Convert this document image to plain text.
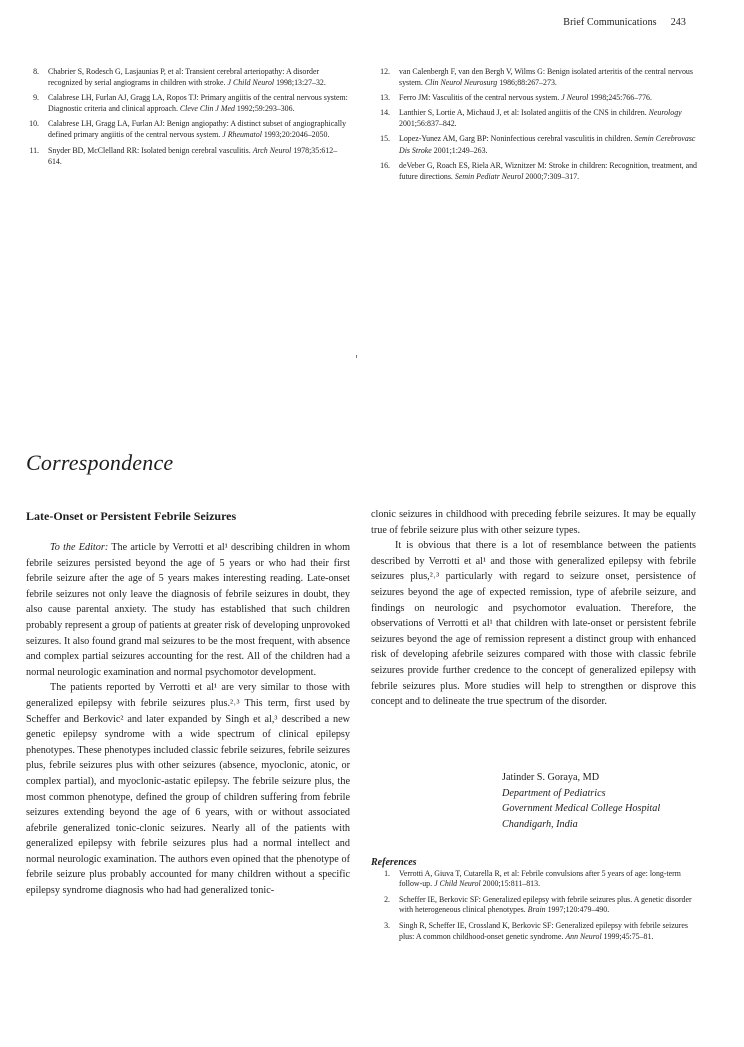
Brief Communications 243
8. Chabrier S, Rodesch G, Lasjaunias P, et al: Transient cerebral arteriopathy: A disorder recognized by serial angiograms in children with stroke. J Child Neurol 1998;13:27–32.
9. Calabrese LH, Furlan AJ, Gragg LA, Ropos TJ: Primary angiitis of the central nervous system: Diagnostic criteria and clinical approach. Cleve Clin J Med 1992;59:293–306.
10. Calabrese LH, Gragg LA, Furlan AJ: Benign angiopathy: A distinct subset of angiographically defined primary angiitis of the central nervous system. J Rheumatol 1993;20:2046–2050.
11. Snyder BD, McClelland RR: Isolated benign cerebral vasculitis. Arch Neurol 1978;35:612–614.
12. van Calenbergh F, van den Bergh V, Wilms G: Benign isolated arteritis of the central nervous system. Clin Neurol Neurosurg 1986;88:267–273.
13. Ferro JM: Vasculitis of the central nervous system. J Neurol 1998;245:766–776.
14. Lanthier S, Lortie A, Michaud J, et al: Isolated angiitis of the CNS in children. Neurology 2001;56:837–842.
15. Lopez-Yunez AM, Garg BP: Noninfectious cerebral vasculitis in children. Semin Cerebrovasc Dis Stroke 2001;1:249–263.
16. deVeber G, Roach ES, Riela AR, Wiznitzer M: Stroke in children: Recognition, treatment, and future directions. Semin Pediatr Neurol 2000;7:309–317.
Correspondence

Late-Onset or Persistent Febrile Seizures

To the Editor: The article by Verrotti et al¹ describing children in whom febrile seizures persisted beyond the age of 5 years or who had their first febrile seizure after the age of 5 years makes interesting reading. Late-onset febrile seizures not only leave the diagnosis of febrile seizures in doubt, they also cause parental anxiety. The study has established that such children probably represent a group of patients at greater risk of developing unprovoked seizures. It also found grand mal seizures to be the most frequent, with absence and complex partial seizures accounting for the rest. All of the children had a normal neurologic examination and normal psychomotor development.

The patients reported by Verrotti et al¹ are very similar to those with generalized epilepsy with febrile seizures plus.²˒³ This term, first used by Scheffer and Berkovic² and later expanded by Singh et al,³ described a new genetic epilepsy syndrome with a wide spectrum of clinical epilepsy phenotypes. These phenotypes included classic febrile seizures, febrile seizures plus, febrile seizures plus with other seizures (absence, myoclonic, atonic, or complex partial), and myoclonic-astatic epilepsy. The febrile seizure plus, the most common phenotype, defined the group of children suffering from febrile seizures extending beyond the age of 6 years, with or without associated afebrile generalized tonic-clonic seizures. Nearly all of the patients with generalized epilepsy with febrile seizures plus had a normal intellect and normal neurologic examination. The authors even opined that the phenotype of febrile seizure plus probably accounted for many children without a specific epilepsy syndrome diagnosis who had had generalized tonic-

clonic seizures in childhood with preceding febrile seizures. It may be equally true of febrile seizure plus with other seizure types.

It is obvious that there is a lot of resemblance between the patients described by Verrotti et al¹ and those with generalized epilepsy with febrile seizures plus,²˒³ particularly with regard to seizure onset, persistence of seizures beyond the age of expected remission, type of afebrile seizure, and findings on neurologic and psychomotor evaluation. Therefore, the observations of Verrotti et al¹ that children with late-onset or persistent febrile seizures beyond the age of remission represent a distinct group with enhanced risk of developing afebrile seizures compared with those with classic febrile seizures provide further credence to the concept of generalized epilepsy with febrile seizures plus. More studies will help to strengthen or disprove this concept and to delineate the true spectrum of the disorder.

Jatinder S. Goraya, MD
Department of Pediatrics
Government Medical College Hospital
Chandigarh, India
References
1. Verrotti A, Giuva T, Cutarella R, et al: Febrile convulsions after 5 years of age: long-term follow-up. J Child Neurol 2000;15:811–813.
2. Scheffer IE, Berkovic SF: Generalized epilepsy with febrile seizures plus. A genetic disorder with heterogeneous clinical phenotypes. Brain 1997;120:479–490.
3. Singh R, Scheffer IE, Crossland K, Berkovic SF: Generalized epilepsy with febrile seizures plus: A common childhood-onset genetic syndrome. Ann Neurol 1999;45:75–81.
